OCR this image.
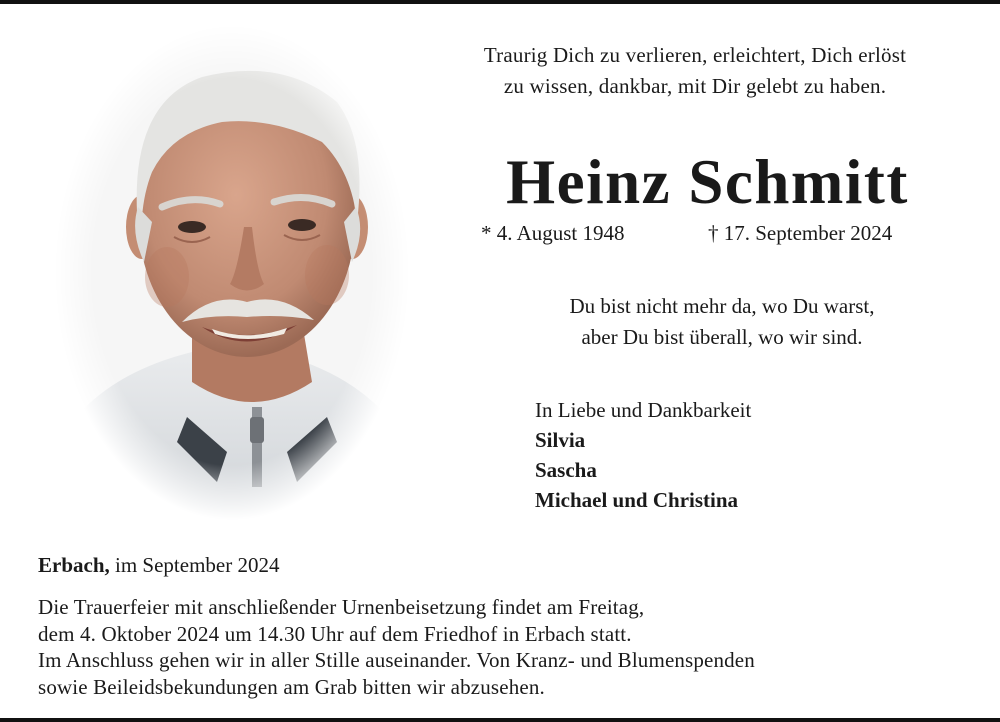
Traurig Dich zu verlieren, erleichtert, Dich erlöst
zu wissen, dankbar, mit Dir gelebt zu haben.
Heinz Schmitt
* 4. August 1948	† 17. September 2024
Du bist nicht mehr da, wo Du warst,
aber Du bist überall, wo wir sind.
In Liebe und Dankbarkeit
Silvia
Sascha
Michael und Christina
Erbach, im September 2024
Die Trauerfeier mit anschließender Urnenbeisetzung findet am Freitag,
dem 4. Oktober 2024 um 14.30 Uhr auf dem Friedhof in Erbach statt.
Im Anschluss gehen wir in aller Stille auseinander. Von Kranz- und Blumenspenden
sowie Beileidsbekundungen am Grab bitten wir abzusehen.
